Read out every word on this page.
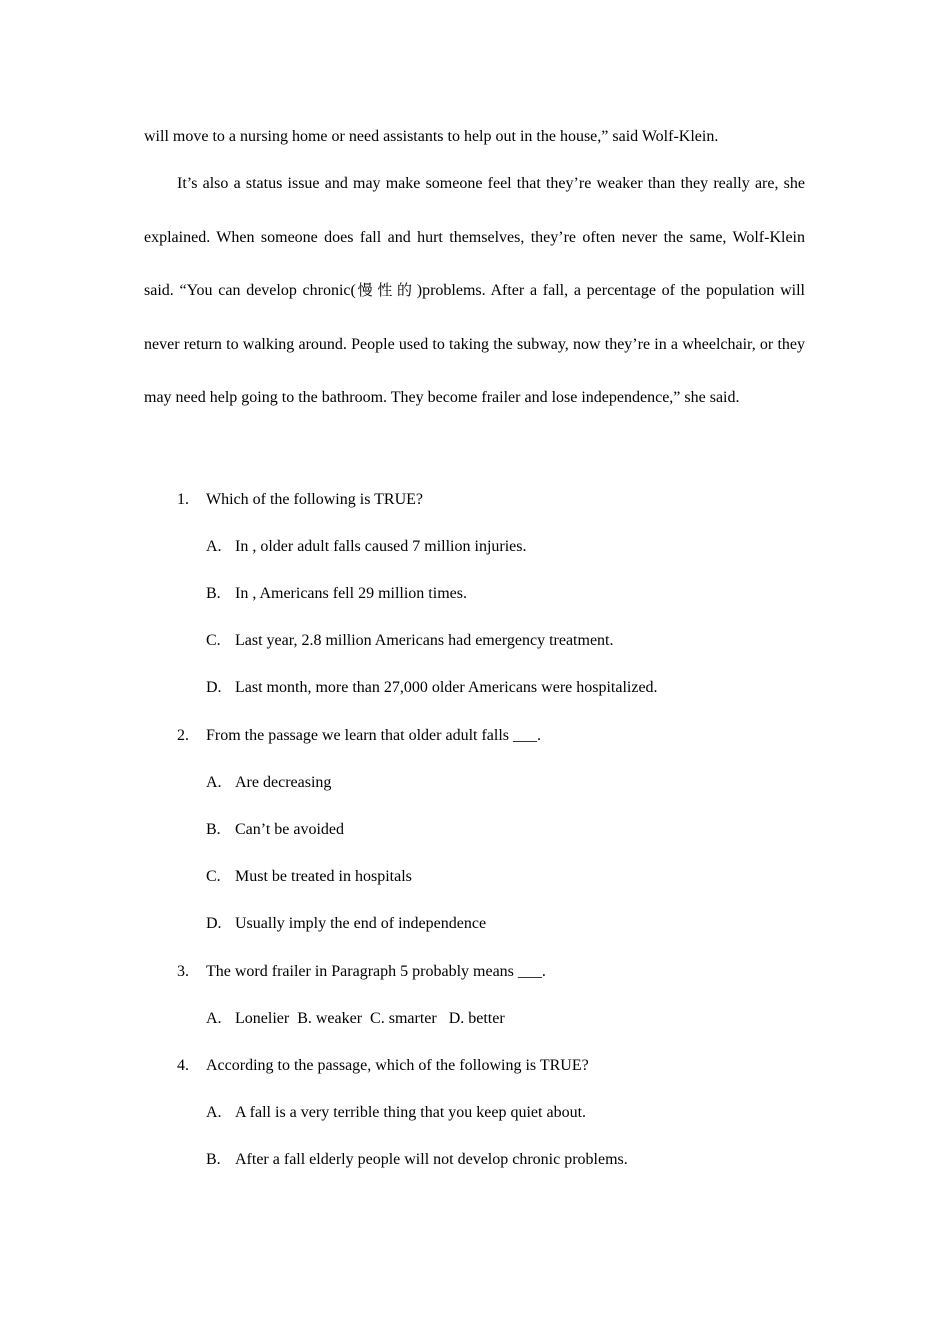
will move to a nursing home or need assistants to help out in the house,” said Wolf-Klein.

It’s also a status issue and may make someone feel that they’re weaker than they really are, she explained. When someone does fall and hurt themselves, they’re often never the same, Wolf-Klein said. “You can develop chronic(慢性的)problems. After a fall, a percentage of the population will never return to walking around. People used to taking the subway, now they’re in a wheelchair, or they may need help going to the bathroom. They become frailer and lose independence,” she said.

1. Which of the following is TRUE?
A. In , older adult falls caused 7 million injuries.
B. In , Americans fell 29 million times.
C. Last year, 2.8 million Americans had emergency treatment.
D. Last month, more than 27,000 older Americans were hospitalized.
2. From the passage we learn that older adult falls ___.
A. Are decreasing
B. Can’t be avoided
C. Must be treated in hospitals
D. Usually imply the end of independence
3. The word frailer in Paragraph 5 probably means ___.
A. Lonelier  B. weaker  C. smarter   D. better
4. According to the passage, which of the following is TRUE?
A. A fall is a very terrible thing that you keep quiet about.
B. After a fall elderly people will not develop chronic problems.
